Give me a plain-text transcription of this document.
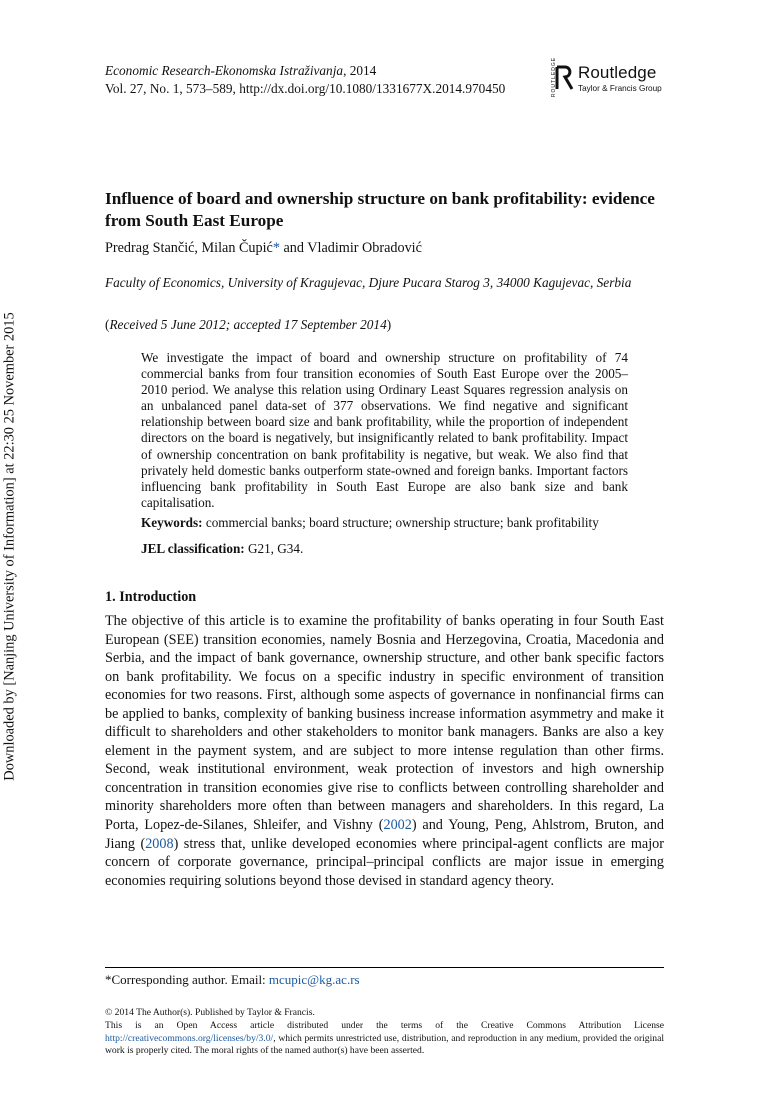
Economic Research-Ekonomska Istraživanja, 2014
Vol. 27, No. 1, 573–589, http://dx.doi.org/10.1080/1331677X.2014.970450	ROUTLEDGE Routledge
Taylor & Francis Group
Downloaded by [Nanjing University of Information] at 22:30 25 November 2015
Influence of board and ownership structure on bank profitability: evidence from South East Europe
Predrag Stančić, Milan Čupić* and Vladimir Obradović
Faculty of Economics, University of Kragujevac, Djure Pucara Starog 3, 34000 Kagujevac, Serbia
(Received 5 June 2012; accepted 17 September 2014)
We investigate the impact of board and ownership structure on profitability of 74 commercial banks from four transition economies of South East Europe over the 2005–2010 period. We analyse this relation using Ordinary Least Squares regression analysis on an unbalanced panel data-set of 377 observations. We find negative and significant relationship between board size and bank profitability, while the proportion of independent directors on the board is negatively, but insignificantly related to bank profitability. Impact of ownership concentration on bank profitability is negative, but weak. We also find that privately held domestic banks outperform state-owned and foreign banks. Important factors influencing bank profitability in South East Europe are also bank size and bank capitalisation.
Keywords: commercial banks; board structure; ownership structure; bank profitability
JEL classification: G21, G34.
1. Introduction
The objective of this article is to examine the profitability of banks operating in four South East European (SEE) transition economies, namely Bosnia and Herzegovina, Croatia, Macedonia and Serbia, and the impact of bank governance, ownership structure, and other bank specific factors on bank profitability. We focus on a specific industry in specific environment of transition economies for two reasons. First, although some aspects of governance in nonfinancial firms can be applied to banks, complexity of banking business increase information asymmetry and make it difficult to shareholders and other stakeholders to monitor bank managers. Banks are also a key element in the payment system, and are subject to more intense regulation than other firms. Second, weak institutional environment, weak protection of investors and high ownership concentration in transition economies give rise to conflicts between controlling shareholder and minority shareholders more often than between managers and shareholders. In this regard, La Porta, Lopez-de-Silanes, Shleifer, and Vishny (2002) and Young, Peng, Ahlstrom, Bruton, and Jiang (2008) stress that, unlike developed economies where principal-agent conflicts are major concern of corporate governance, principal–principal conflicts are major issue in emerging economies requiring solutions beyond those devised in standard agency theory.
*Corresponding author. Email: mcupic@kg.ac.rs
© 2014 The Author(s). Published by Taylor & Francis.
This is an Open Access article distributed under the terms of the Creative Commons Attribution License http://creativecommons.org/licenses/by/3.0/, which permits unrestricted use, distribution, and reproduction in any medium, provided the original work is properly cited. The moral rights of the named author(s) have been asserted.
